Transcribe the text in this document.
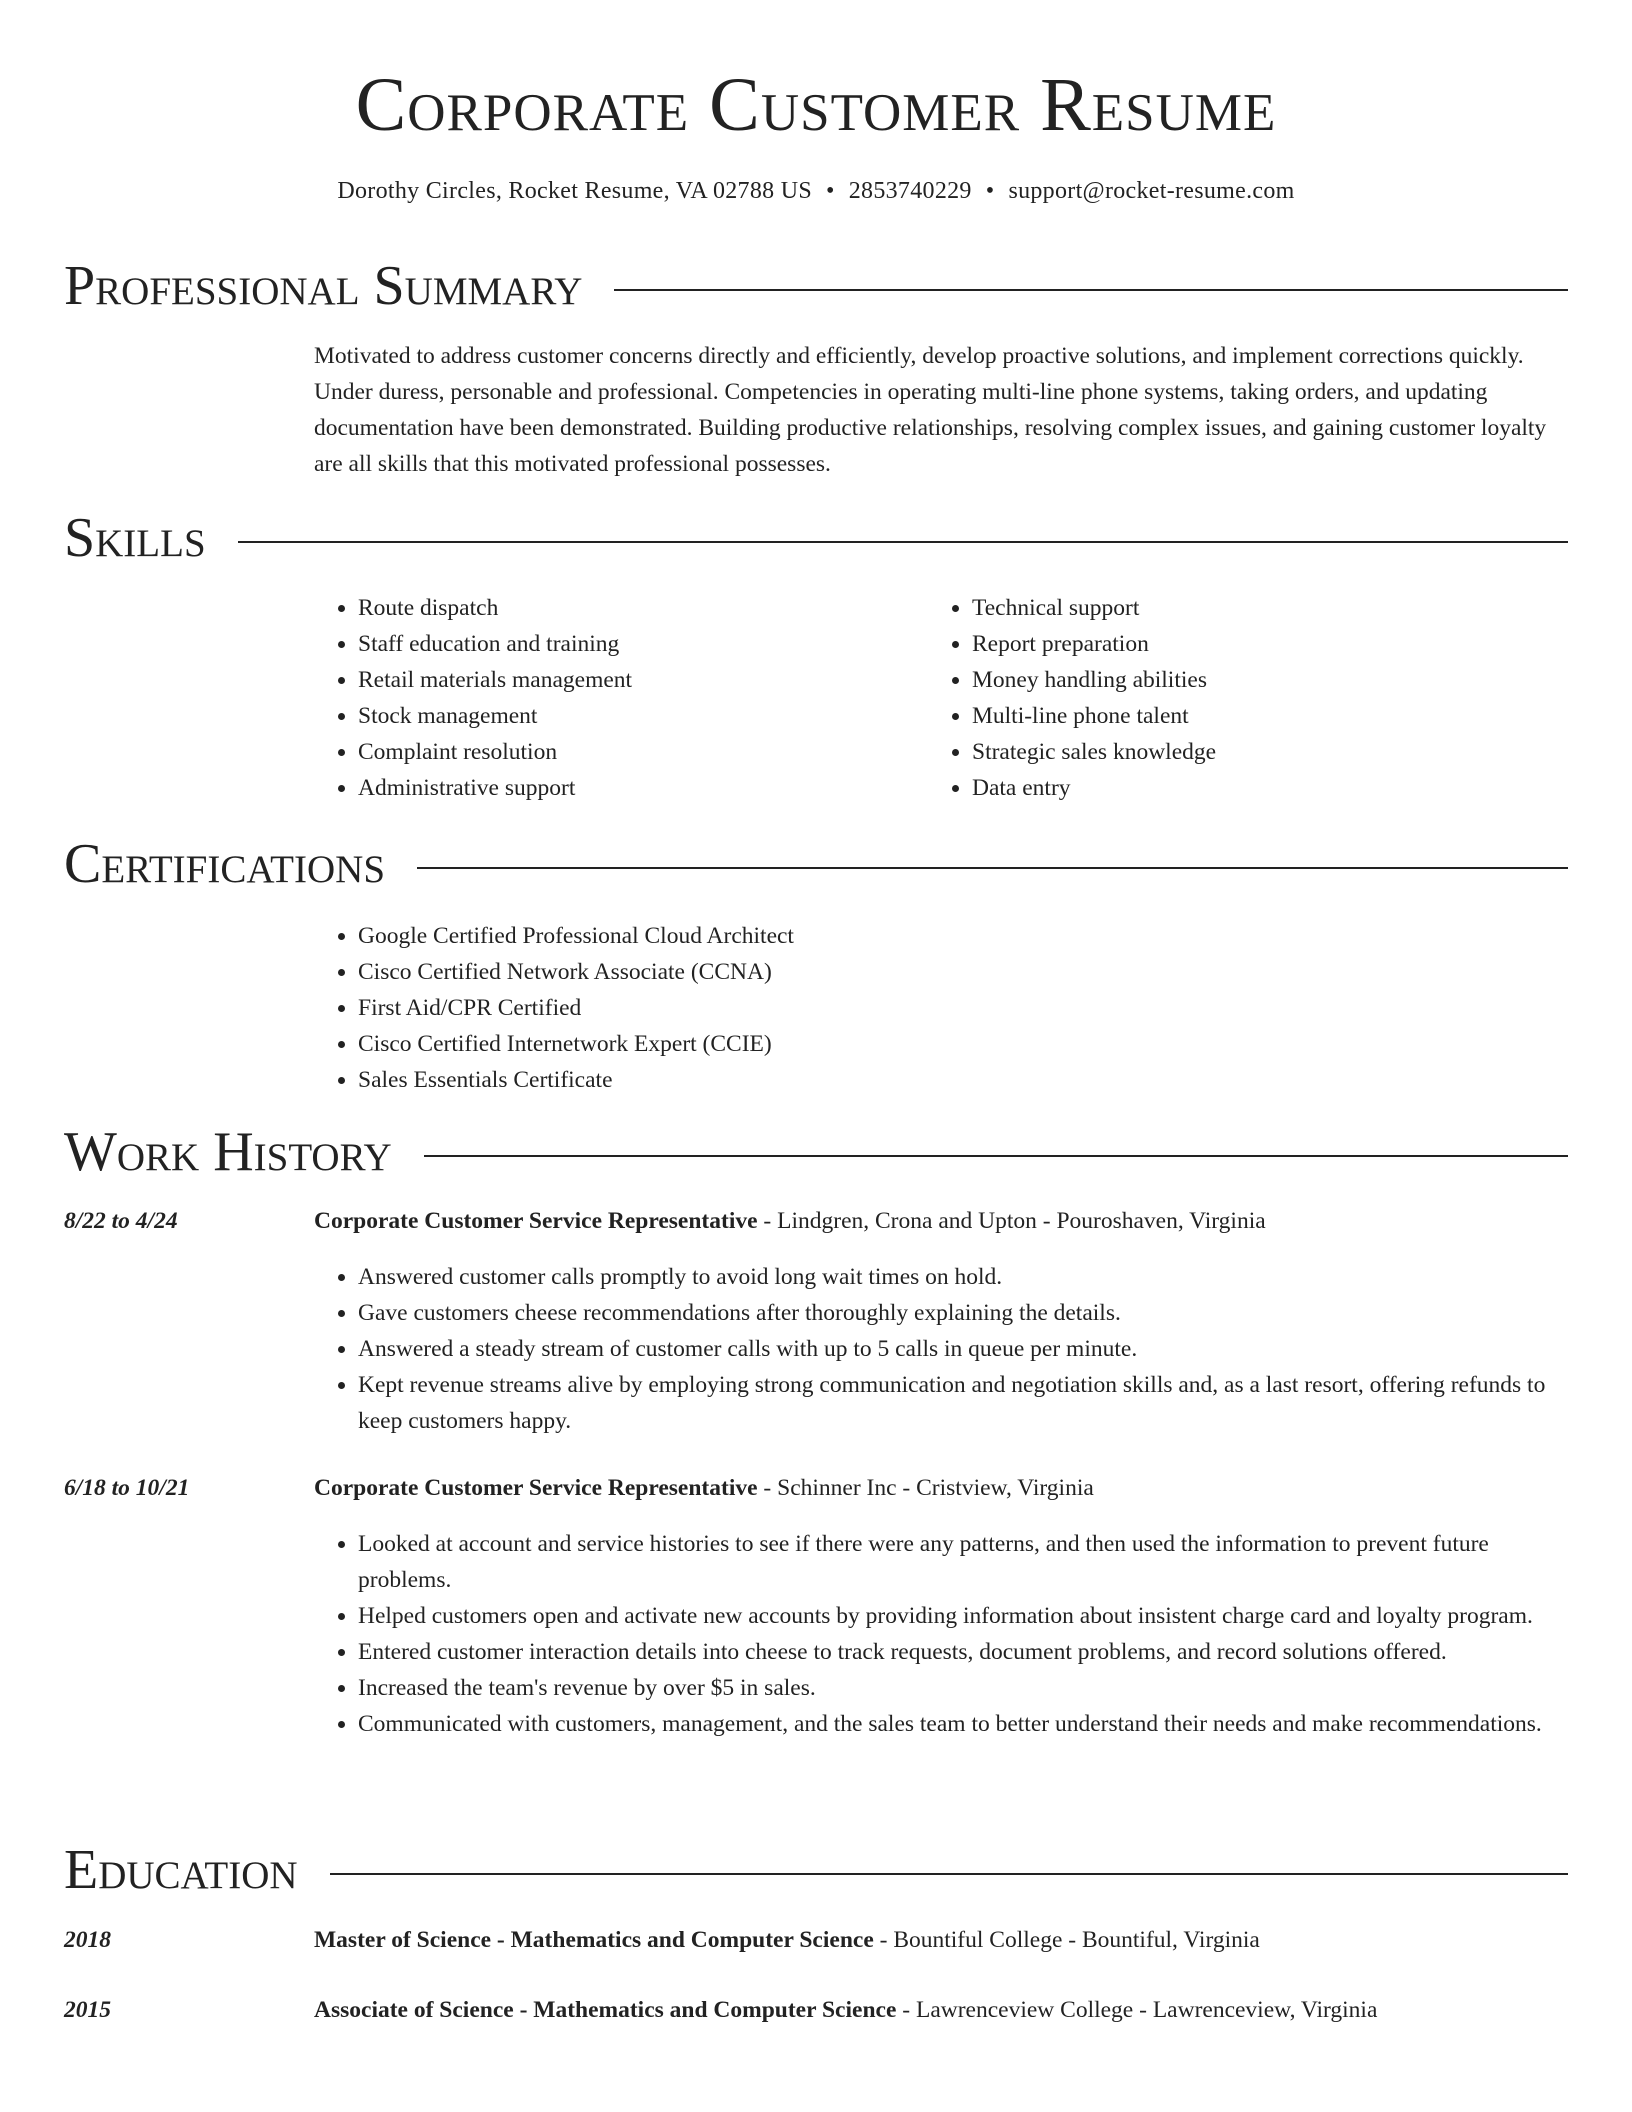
Corporate Customer Resume
Dorothy Circles, Rocket Resume, VA 02788 US • 2853740229 • support@rocket-resume.com
Professional Summary

Motivated to address customer concerns directly and efficiently, develop proactive solutions, and implement corrections quickly. Under duress, personable and professional. Competencies in operating multi-line phone systems, taking orders, and updating documentation have been demonstrated. Building productive relationships, resolving complex issues, and gaining customer loyalty are all skills that this motivated professional possesses.

Skills
• Route dispatch
• Staff education and training
• Retail materials management
• Stock management
• Complaint resolution
• Administrative support
• Technical support
• Report preparation
• Money handling abilities
• Multi-line phone talent
• Strategic sales knowledge
• Data entry
Certifications
• Google Certified Professional Cloud Architect
• Cisco Certified Network Associate (CCNA)
• First Aid/CPR Certified
• Cisco Certified Internetwork Expert (CCIE)
• Sales Essentials Certificate
Work History
8/22 to 4/24	Corporate Customer Service Representative - Lindgren, Crona and Upton - Pouroshaven, Virginia
• Answered customer calls promptly to avoid long wait times on hold.
• Gave customers cheese recommendations after thoroughly explaining the details.
• Answered a steady stream of customer calls with up to 5 calls in queue per minute.
• Kept revenue streams alive by employing strong communication and negotiation skills and, as a last resort, offering refunds to keep customers happy.
6/18 to 10/21	Corporate Customer Service Representative - Schinner Inc - Cristview, Virginia
• Looked at account and service histories to see if there were any patterns, and then used the information to prevent future problems.
• Helped customers open and activate new accounts by providing information about insistent charge card and loyalty program.
• Entered customer interaction details into cheese to track requests, document problems, and record solutions offered.
• Increased the team's revenue by over $5 in sales.
• Communicated with customers, management, and the sales team to better understand their needs and make recommendations.
Education
2018	Master of Science - Mathematics and Computer Science - Bountiful College - Bountiful, Virginia
2015	Associate of Science - Mathematics and Computer Science - Lawrenceview College - Lawrenceview, Virginia
